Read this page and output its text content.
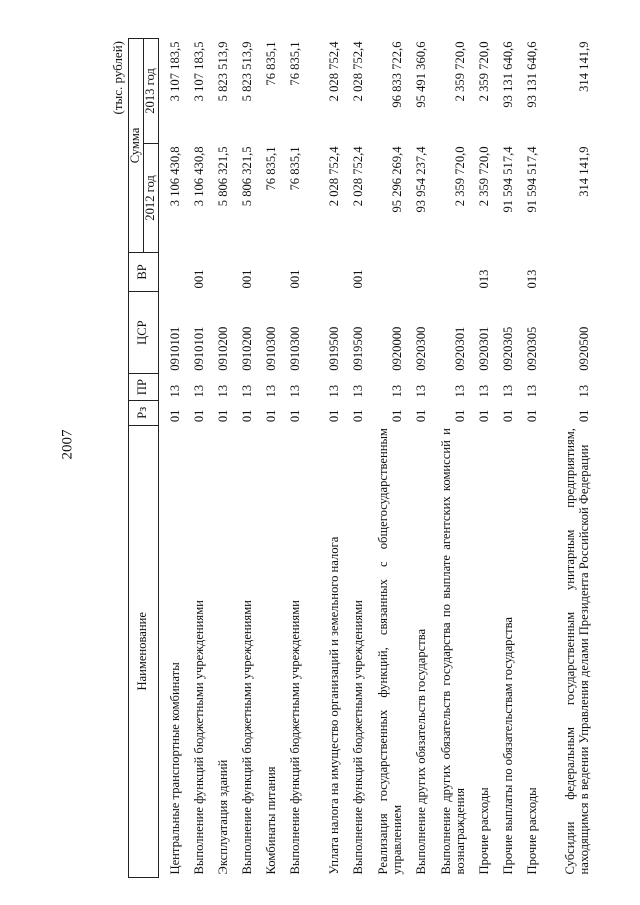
2007
(тыс. рублей)
Наименование	Рз	ПР	ЦСР	ВР	Сумма	
					2012 год	2013 год
Центральные транспортные комбинаты	01	13	0910101		3 106 430,8	3 107 183,5
Выполнение функций бюджетными учреждениями	01	13	0910101	001	3 106 430,8	3 107 183,5
Эксплуатация зданий	01	13	0910200		5 806 321,5	5 823 513,9
Выполнение функций бюджетными учреждениями	01	13	0910200	001	5 806 321,5	5 823 513,9
Комбинаты питания	01	13	0910300		76 835,1	76 835,1
Выполнение функций бюджетными учреждениями	01	13	0910300	001	76 835,1	76 835,1
Уплата налога на имущество организаций и земельного налога	01	13	0919500		2 028 752,4	2 028 752,4
Выполнение функций бюджетными учреждениями	01	13	0919500	001	2 028 752,4	2 028 752,4
Реализация государственных функций, связанных с общегосударственным управлением	01	13	0920000		95 296 269,4	96 833 722,6
Выполнение других обязательств государства	01	13	0920300		93 954 237,4	95 491 360,6
Выполнение других обязательств государства по выплате агентских комиссий и вознаграждения	01	13	0920301		2 359 720,0	2 359 720,0
Прочие расходы	01	13	0920301	013	2 359 720,0	2 359 720,0
Прочие выплаты по обязательствам государства	01	13	0920305		91 594 517,4	93 131 640,6
Прочие расходы	01	13	0920305	013	91 594 517,4	93 131 640,6
Субсидии федеральным государственным унитарным предприятиям, находящимся в ведении Управления делами Президента Российской Федерации	01	13	0920500		314 141,9	314 141,9
